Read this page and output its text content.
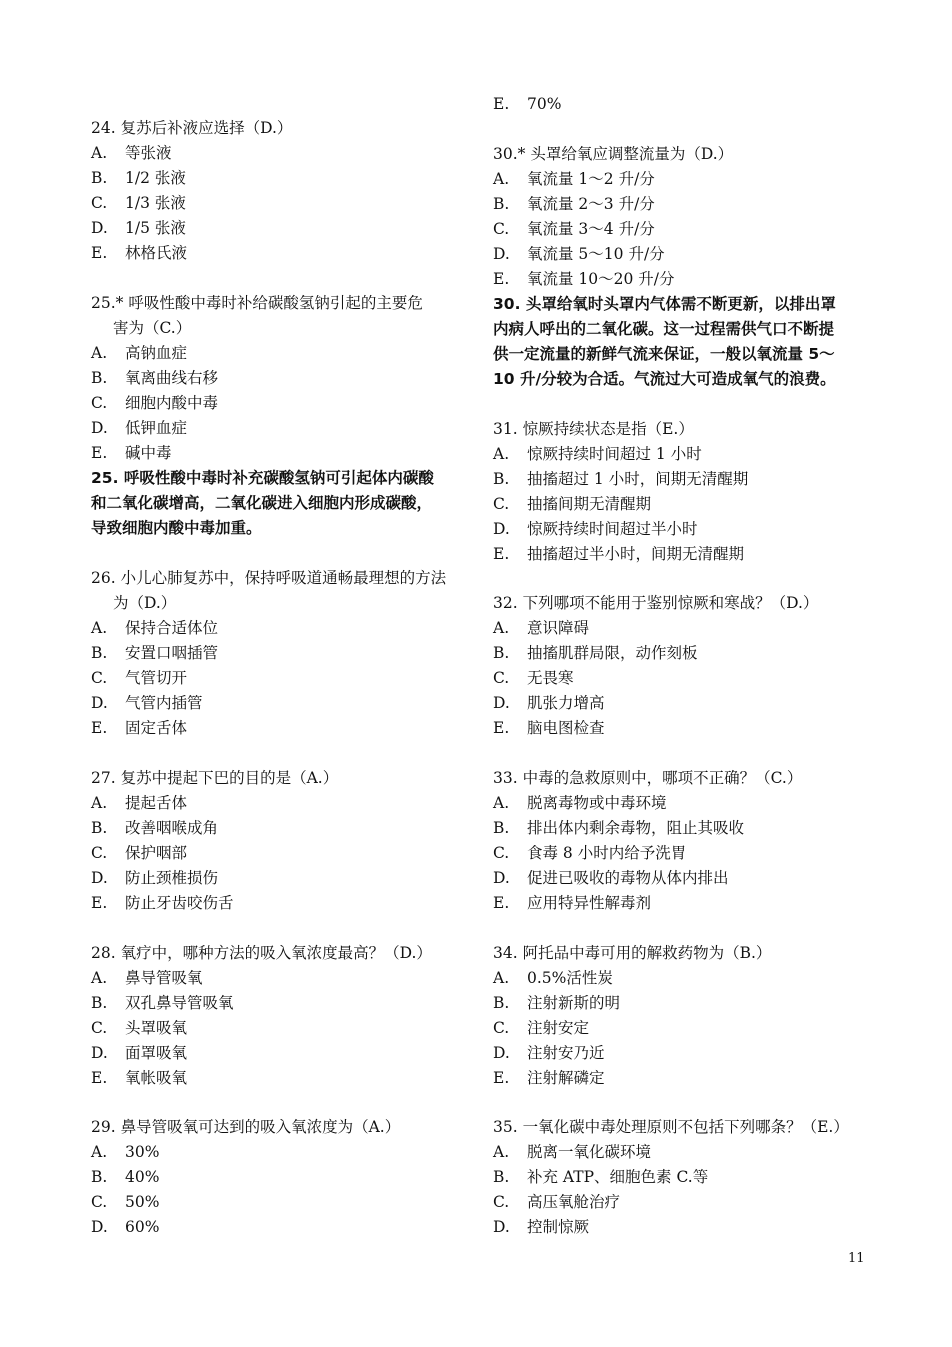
24. 复苏后补液应选择（D.）
A. 等张液
B. 1/2 张液
C. 1/3 张液
D. 1/5 张液
E. 林格氏液
25.* 呼吸性酸中毒时补给碳酸氢钠引起的主要危
害为（C.）
A. 高钠血症
B. 氧离曲线右移
C. 细胞内酸中毒
D. 低钾血症
E. 碱中毒
25. 呼吸性酸中毒时补充碳酸氢钠可引起体内碳酸
和二氧化碳增高，二氧化碳进入细胞内形成碳酸，
导致细胞内酸中毒加重。
26. 小儿心肺复苏中，保持呼吸道通畅最理想的方法
为（D.）
A. 保持合适体位
B. 安置口咽插管
C. 气管切开
D. 气管内插管
E. 固定舌体
27. 复苏中提起下巴的目的是（A.）
A. 提起舌体
B. 改善咽喉成角
C. 保护咽部
D. 防止颈椎损伤
E. 防止牙齿咬伤舌
28. 氧疗中，哪种方法的吸入氧浓度最高？（D.）
A. 鼻导管吸氧
B. 双孔鼻导管吸氧
C. 头罩吸氧
D. 面罩吸氧
E. 氧帐吸氧
29. 鼻导管吸氧可达到的吸入氧浓度为（A.）
A. 30%
B. 40%
C. 50%
D. 60%
E. 70%
30.* 头罩给氧应调整流量为（D.）
A. 氧流量 1～2 升/分
B. 氧流量 2～3 升/分
C. 氧流量 3～4 升/分
D. 氧流量 5～10 升/分
E. 氧流量 10～20 升/分
30. 头罩给氧时头罩内气体需不断更新，以排出罩
内病人呼出的二氧化碳。这一过程需供气口不断提
供一定流量的新鲜气流来保证，一般以氧流量 5～
10 升/分较为合适。气流过大可造成氧气的浪费。
31. 惊厥持续状态是指（E.）
A. 惊厥持续时间超过 1 小时
B. 抽搐超过 1 小时，间期无清醒期
C. 抽搐间期无清醒期
D. 惊厥持续时间超过半小时
E. 抽搐超过半小时，间期无清醒期
32. 下列哪项不能用于鉴别惊厥和寒战？（D.）
A. 意识障碍
B. 抽搐肌群局限，动作刻板
C. 无畏寒
D. 肌张力增高
E. 脑电图检查
33. 中毒的急救原则中，哪项不正确？（C.）
A. 脱离毒物或中毒环境
B. 排出体内剩余毒物，阻止其吸收
C. 食毒 8 小时内给予洗胃
D. 促进已吸收的毒物从体内排出
E. 应用特异性解毒剂
34. 阿托品中毒可用的解救药物为（B.）
A. 0.5%活性炭
B. 注射新斯的明
C. 注射安定
D. 注射安乃近
E. 注射解磷定
35. 一氧化碳中毒处理原则不包括下列哪条？（E.）
A. 脱离一氧化碳环境
B. 补充 ATP、细胞色素 C.等
C. 高压氧舱治疗
D. 控制惊厥
11
